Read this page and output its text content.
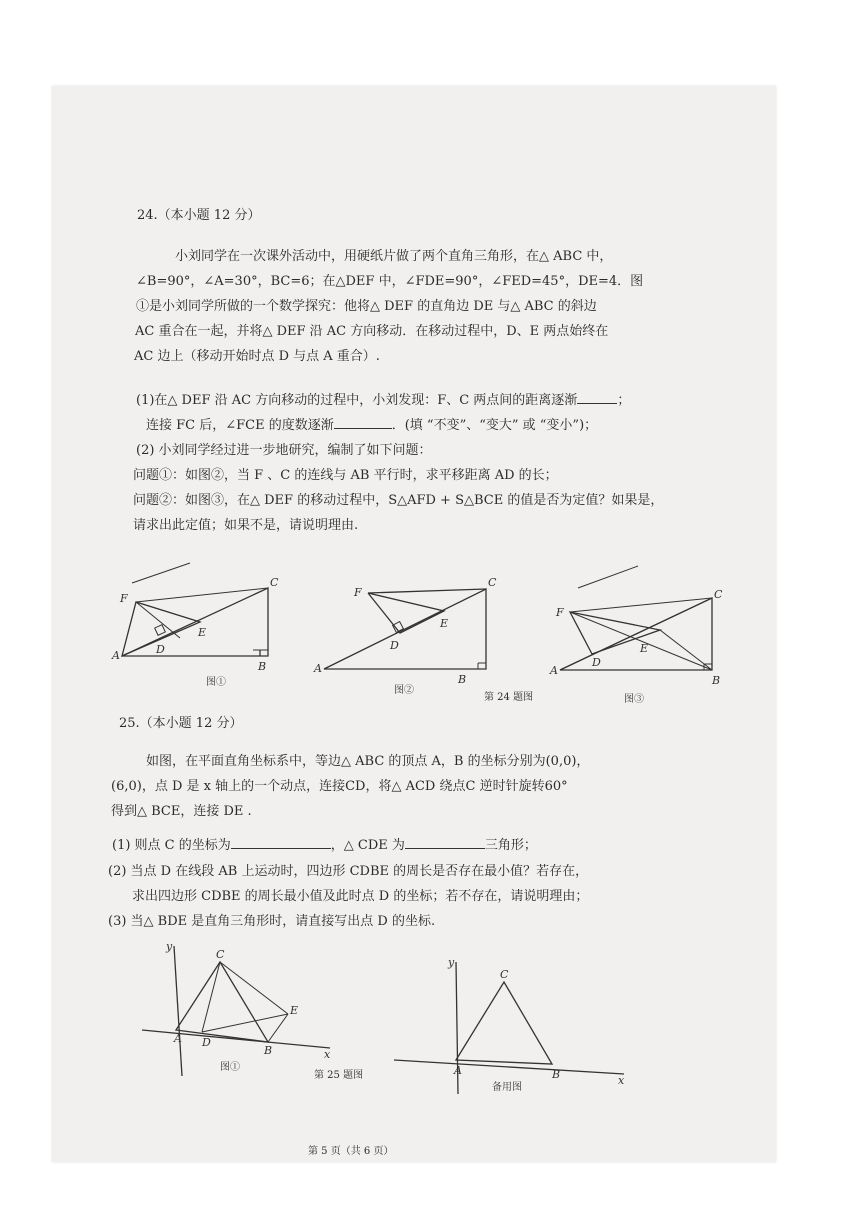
24.（本小题 12 分）
小刘同学在一次课外活动中，用硬纸片做了两个直角三角形，在△ ABC 中，
∠B=90°，∠A=30°，BC=6；在△DEF 中，∠FDE=90°，∠FED=45°，DE=4．图
①是小刘同学所做的一个数学探究：他将△ DEF 的直角边 DE 与△ ABC 的斜边
AC 重合在一起，并将△ DEF 沿 AC 方向移动．在移动过程中，D、E 两点始终在
AC 边上（移动开始时点 D 与点 A 重合）.
(1)在△ DEF 沿 AC 方向移动的过程中，小刘发现：F、C 两点间的距离逐渐	；
连接 FC 后，∠FCE 的度数逐渐	．(填 “不变”、“变大” 或 “变小”)；
(2) 小刘同学经过进一步地研究，编制了如下问题：
问题①：如图②，当 F 、C 的连线与 AB 平行时，求平移距离 AD 的长；
问题②：如图③，在△ DEF 的移动过程中，S△AFD + S△BCE 的值是否为定值？如果是，
请求出此定值；如果不是，请说明理由.
A
F
C
B
E
D
图①
A
F
C
B
E
D
图②
A
F
C
B
E
D
图③
第 24 题图
25.（本小题 12 分）
如图，在平面直角坐标系中，等边△ ABC 的顶点 A，B 的坐标分别为(0,0)，
(6,0)，点 D 是 x 轴上的一个动点，连接CD，将△ ACD 绕点C 逆时针旋转60°
得到△ BCE，连接 DE .
(1) 则点 C 的坐标为	，△ CDE 为	三角形；
(2) 当点 D 在线段 AB 上运动时，四边形 CDBE 的周长是否存在最小值？若存在，
求出四边形 CDBE 的周长最小值及此时点 D 的坐标；若不存在，请说明理由；
(3) 当△ BDE 是直角三角形时，请直接写出点 D 的坐标.
y
C
E
A D
B	x
图①
第 25 题图
y
C
A	B	x
备用图
第 5 页（共 6 页）
